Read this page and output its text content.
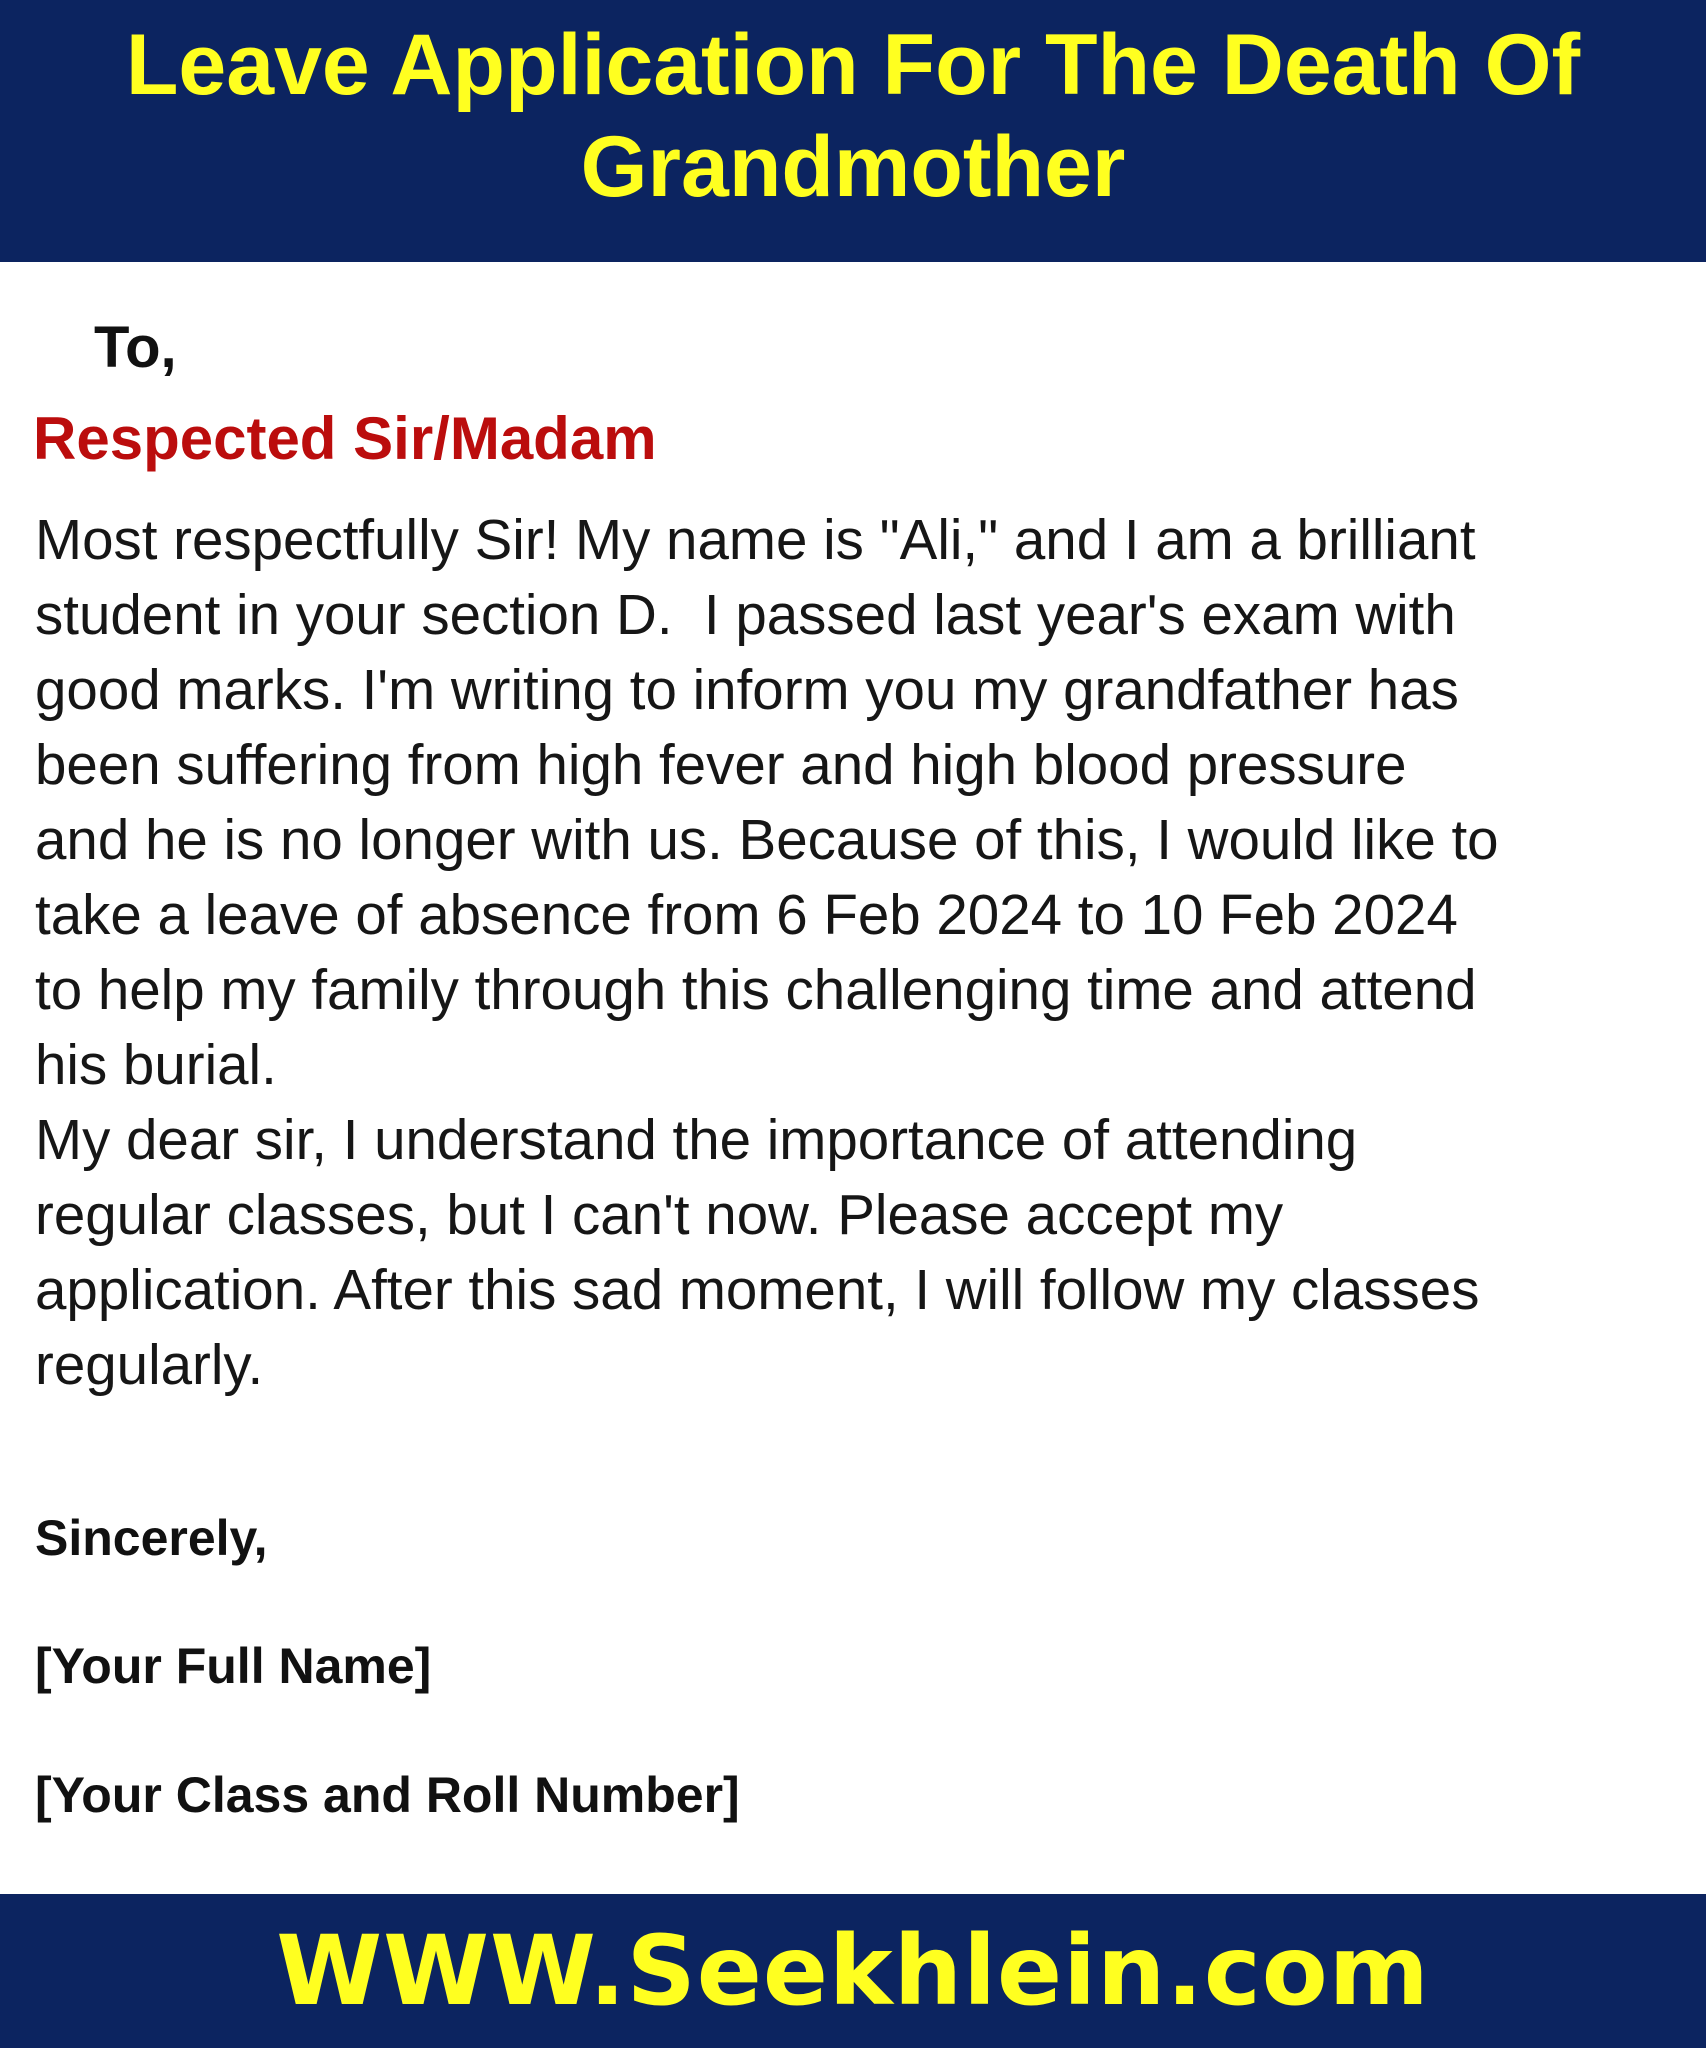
Leave Application For The Death Of
Grandmother

To,

Respected Sir/Madam

Most respectfully Sir! My name is "Ali," and I am a brilliant

student in your section D.  I passed last year's exam with

good marks. I'm writing to inform you my grandfather has

been suffering from high fever and high blood pressure

and he is no longer with us. Because of this, I would like to

take a leave of absence from 6 Feb 2024 to 10 Feb 2024

to help my family through this challenging time and attend

his burial.

My dear sir, I understand the importance of attending

regular classes, but I can't now. Please accept my

application. After this sad moment, I will follow my classes

regularly.

Sincerely,

[Your Full Name]

[Your Class and Roll Number]

WWW.Seekhlein.com
